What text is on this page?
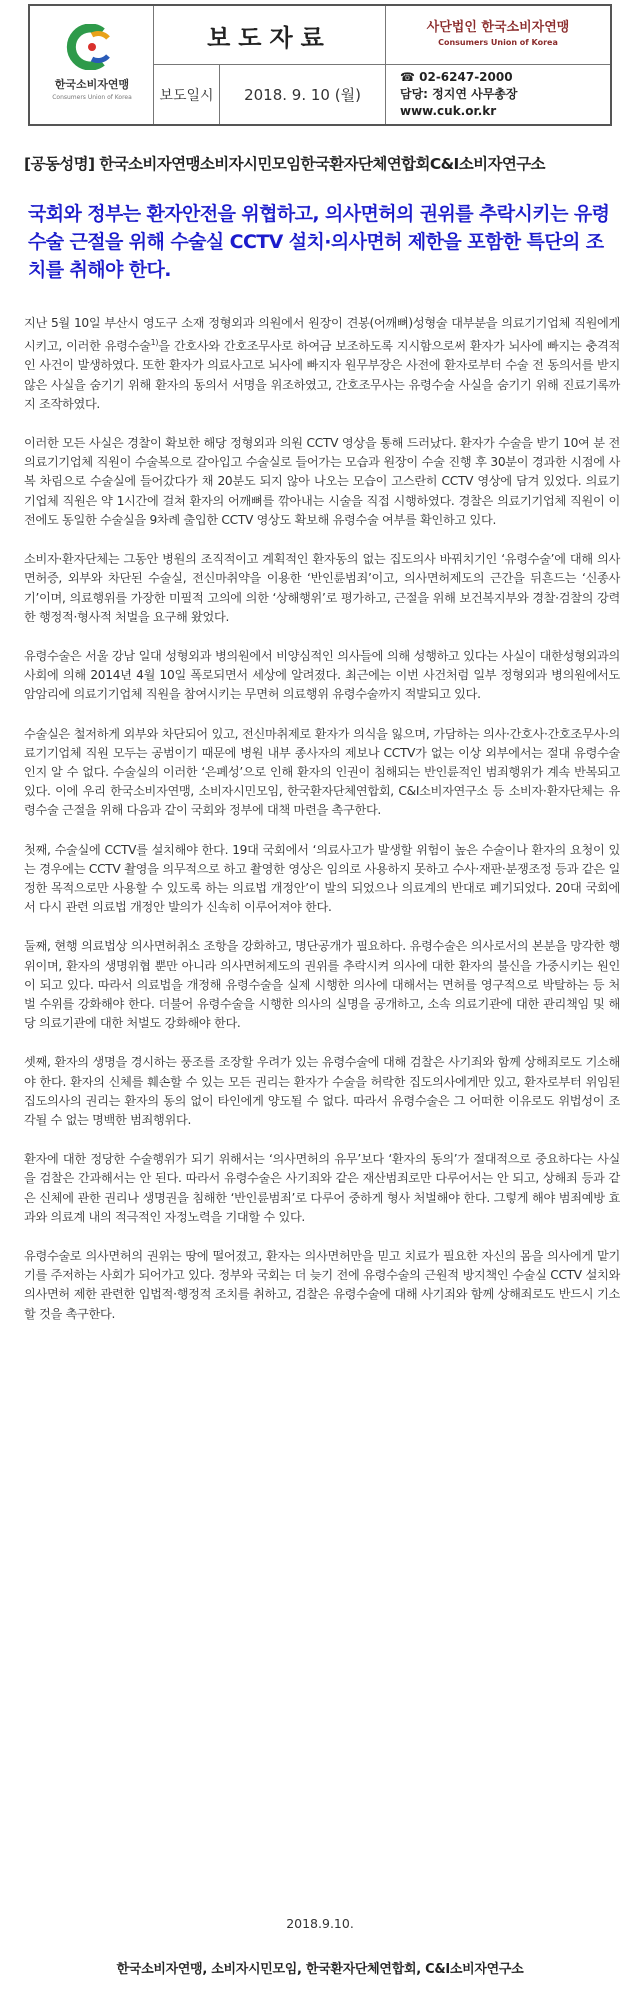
한국소비자연맹
Consumers Union of Korea
보도자료
보도일시	2018. 9. 10 (월)
사단법인 한국소비자연맹
Consumers Union of Korea
☎ 02-6247-2000
담당: 정지연 사무총장
www.cuk.or.kr
[공동성명] 한국소비자연맹소비자시민모임한국환자단체연합회C&I소비자연구소
국회와 정부는 환자안전을 위협하고, 의사면허의 권위를 추락시키는 유령수술 근절을 위해 수술실 CCTV 설치·의사면허 제한을 포함한 특단의 조치를 취해야 한다.

지난 5월 10일 부산시 영도구 소재 정형외과 의원에서 원장이 견봉(어깨뼈)성형술 대부분을 의료기기업체 직원에게 시키고, 이러한 유령수술$^{1)}$을 간호사와 간호조무사로 하여금 보조하도록 지시함으로써 환자가 뇌사에 빠지는 충격적인 사건이 발생하였다. 또한 환자가 의료사고로 뇌사에 빠지자 원무부장은 사전에 환자로부터 수술 전 동의서를 받지 않은 사실을 숨기기 위해 환자의 동의서 서명을 위조하였고, 간호조무사는 유령수술 사실을 숨기기 위해 진료기록까지 조작하였다.

이러한 모든 사실은 경찰이 확보한 해당 정형외과 의원 CCTV 영상을 통해 드러났다. 환자가 수술을 받기 10여 분 전 의료기기업체 직원이 수술복으로 갈아입고 수술실로 들어가는 모습과 원장이 수술 진행 후 30분이 경과한 시점에 사복 차림으로 수술실에 들어갔다가 채 20분도 되지 않아 나오는 모습이 고스란히 CCTV 영상에 담겨 있었다. 의료기기업체 직원은 약 1시간에 걸쳐 환자의 어깨뼈를 깎아내는 시술을 직접 시행하였다. 경찰은 의료기기업체 직원이 이전에도 동일한 수술실을 9차례 출입한 CCTV 영상도 확보해 유령수술 여부를 확인하고 있다.

소비자·환자단체는 그동안 병원의 조직적이고 계획적인 환자동의 없는 집도의사 바꿔치기인 ‘유령수술’에 대해 의사면허증, 외부와 차단된 수술실, 전신마취약을 이용한 ‘반인륜범죄’이고, 의사면허제도의 근간을 뒤흔드는 ‘신종사기’이며, 의료행위를 가장한 미필적 고의에 의한 ‘상해행위’로 평가하고, 근절을 위해 보건복지부와 경찰·검찰의 강력한 행정적·형사적 처벌을 요구해 왔었다.

유령수술은 서울 강남 일대 성형외과 병의원에서 비양심적인 의사들에 의해 성행하고 있다는 사실이 대한성형외과의사회에 의해 2014년 4월 10일 폭로되면서 세상에 알려졌다. 최근에는 이번 사건처럼 일부 정형외과 병의원에서도 암암리에 의료기기업체 직원을 참여시키는 무면허 의료행위 유령수술까지 적발되고 있다.

수술실은 철저하게 외부와 차단되어 있고, 전신마취제로 환자가 의식을 잃으며, 가담하는 의사·간호사·간호조무사·의료기기업체 직원 모두는 공범이기 때문에 병원 내부 종사자의 제보나 CCTV가 없는 이상 외부에서는 절대 유령수술인지 알 수 없다. 수술실의 이러한 ‘은폐성’으로 인해 환자의 인권이 침해되는 반인륜적인 범죄행위가 계속 반복되고 있다. 이에 우리 한국소비자연맹, 소비자시민모임, 한국환자단체연합회, C&I소비자연구소 등 소비자·환자단체는 유령수술 근절을 위해 다음과 같이 국회와 정부에 대책 마련을 촉구한다.

첫째, 수술실에 CCTV를 설치해야 한다. 19대 국회에서 ‘의료사고가 발생할 위험이 높은 수술이나 환자의 요청이 있는 경우에는 CCTV 촬영을 의무적으로 하고 촬영한 영상은 임의로 사용하지 못하고 수사·재판·분쟁조정 등과 같은 일정한 목적으로만 사용할 수 있도록 하는 의료법 개정안’이 발의 되었으나 의료계의 반대로 폐기되었다. 20대 국회에서 다시 관련 의료법 개정안 발의가 신속히 이루어져야 한다.

둘째, 현행 의료법상 의사면허취소 조항을 강화하고, 명단공개가 필요하다. 유령수술은 의사로서의 본분을 망각한 행위이며, 환자의 생명위협 뿐만 아니라 의사면허제도의 권위를 추락시켜 의사에 대한 환자의 불신을 가중시키는 원인이 되고 있다. 따라서 의료법을 개정해 유령수술을 실제 시행한 의사에 대해서는 면허를 영구적으로 박탈하는 등 처벌 수위를 강화해야 한다. 더불어 유령수술을 시행한 의사의 실명을 공개하고, 소속 의료기관에 대한 관리책임 및 해당 의료기관에 대한 처벌도 강화해야 한다.

셋째, 환자의 생명을 경시하는 풍조를 조장할 우려가 있는 유령수술에 대해 검찰은 사기죄와 함께 상해죄로도 기소해야 한다. 환자의 신체를 훼손할 수 있는 모든 권리는 환자가 수술을 허락한 집도의사에게만 있고, 환자로부터 위임된 집도의사의 권리는 환자의 동의 없이 타인에게 양도될 수 없다. 따라서 유령수술은 그 어떠한 이유로도 위법성이 조각될 수 없는 명백한 범죄행위다.

환자에 대한 정당한 수술행위가 되기 위해서는 ‘의사면허의 유무’보다 ‘환자의 동의’가 절대적으로 중요하다는 사실을 검찰은 간과해서는 안 된다. 따라서 유령수술은 사기죄와 같은 재산범죄로만 다루어서는 안 되고, 상해죄 등과 같은 신체에 관한 권리나 생명권을 침해한 ‘반인륜범죄’로 다루어 중하게 형사 처벌해야 한다. 그렇게 해야 범죄예방 효과와 의료계 내의 적극적인 자정노력을 기대할 수 있다.

유령수술로 의사면허의 권위는 땅에 떨어졌고, 환자는 의사면허만을 믿고 치료가 필요한 자신의 몸을 의사에게 맡기기를 주저하는 사회가 되어가고 있다. 정부와 국회는 더 늦기 전에 유령수술의 근원적 방지책인 수술실 CCTV 설치와 의사면허 제한 관련한 입법적·행정적 조치를 취하고, 검찰은 유령수술에 대해 사기죄와 함께 상해죄로도 반드시 기소할 것을 촉구한다.

2018.9.10.
한국소비자연맹, 소비자시민모임, 한국환자단체연합회, C&I소비자연구소
